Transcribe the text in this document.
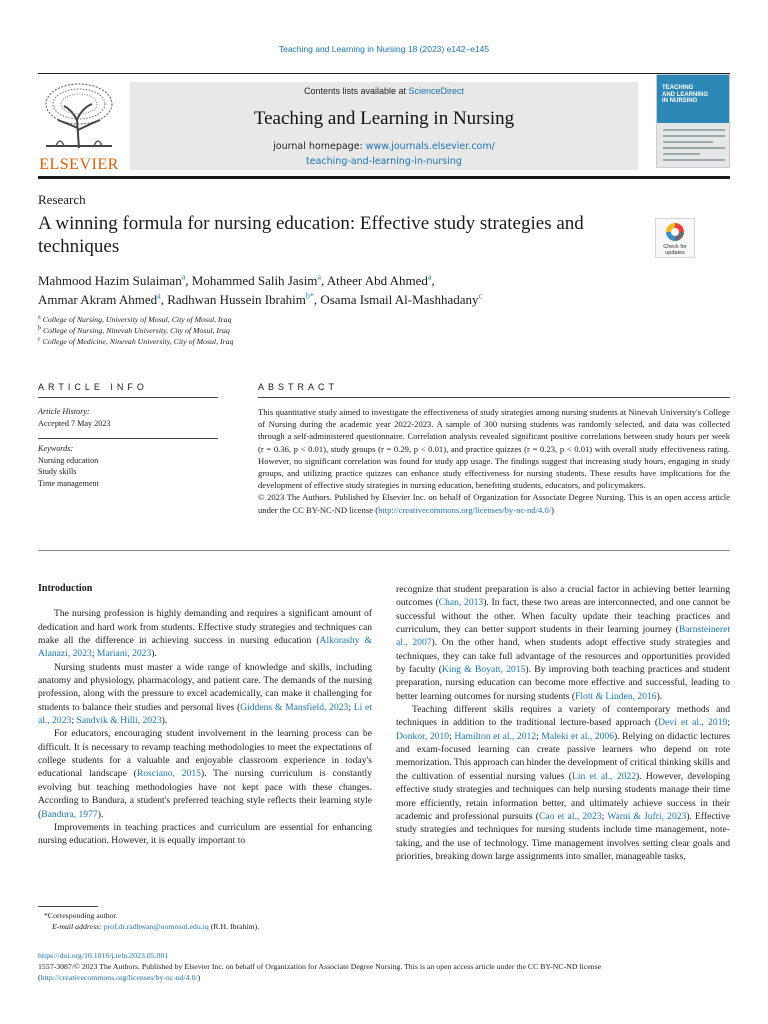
Teaching and Learning in Nursing 18 (2023) e142–e145
ELSEVIER
Contents lists available at ScienceDirect
Teaching and Learning in Nursing
journal homepage: www.journals.elsevier.com/
teaching-and-learning-in-nursing
TEACHING
AND LEARNING
IN NURSING
Research
A winning formula for nursing education: Effective study strategies and techniques	Check for updates
Mahmood Hazim Sulaiman$^a$, Mohammed Salih Jasim$^a$, Atheer Abd Ahmed$^a$,
Ammar Akram Ahmed$^a$, Radhwan Hussein Ibrahim$^{b*}$, Osama Ismail Al-Mashhadany$^c$
$^a$ College of Nursing, University of Mosul, City of Mosul, Iraq
$^b$ College of Nursing, Ninevah University, City of Mosul, Iraq
$^c$ College of Medicine, Ninevah University, City of Mosul, Iraq
ARTICLE INFO	ABSTRACT
Article History:
Accepted 7 May 2023
Keywords:
Nursing education
Study skills
Time management
This quantitative study aimed to investigate the effectiveness of study strategies among nursing students at Ninevah University's College of Nursing during the academic year 2022-2023. A sample of 300 nursing students was randomly selected, and data was collected through a self-administered questionnaire. Correlation analysis revealed significant positive correlations between study hours per week (r = 0.36, p < 0.01), study groups (r = 0.29, p < 0.01), and practice quizzes (r = 0.23, p < 0.01) with overall study effectiveness rating. However, no significant correlation was found for study app usage. The findings suggest that increasing study hours, engaging in study groups, and utilizing practice quizzes can enhance study effectiveness for nursing students. These results have implications for the development of effective study strategies in nursing education, benefiting students, educators, and policymakers.
© 2023 The Authors. Published by Elsevier Inc. on behalf of Organization for Associate Degree Nursing. This is an open access article under the CC BY-NC-ND license (http://creativecommons.org/licenses/by-nc-nd/4.0/)
Introduction

The nursing profession is highly demanding and requires a significant amount of dedication and hard work from students. Effective study strategies and techniques can make all the difference in achieving success in nursing education (Alkorashy & Alanazi, 2023; Mariani, 2023).

Nursing students must master a wide range of knowledge and skills, including anatomy and physiology, pharmacology, and patient care. The demands of the nursing profession, along with the pressure to excel academically, can make it challenging for students to balance their studies and personal lives (Giddens & Mansfield, 2023; Li et al., 2023; Sandvik & Hilli, 2023).

For educators, encouraging student involvement in the learning process can be difficult. It is necessary to revamp teaching methodologies to meet the expectations of college students for a valuable and enjoyable classroom experience in today's educational landscape (Rosciano, 2015). The nursing curriculum is constantly evolving but teaching methodologies have not kept pace with these changes. According to Bandura, a student's preferred teaching style reflects their learning style (Bandura, 1977).

Improvements in teaching practices and curriculum are essential for enhancing nursing education. However, it is equally important to

recognize that student preparation is also a crucial factor in achieving better learning outcomes (Chan, 2013). In fact, these two areas are interconnected, and one cannot be successful without the other. When faculty update their teaching practices and curriculum, they can better support students in their learning journey (Barnsteineret al., 2007). On the other hand, when students adopt effective study strategies and techniques, they can take full advantage of the resources and opportunities provided by faculty (King & Boyatt, 2015). By improving both teaching practices and student preparation, nursing education can become more effective and successful, leading to better learning outcomes for nursing students (Flott & Linden, 2016).

Teaching different skills requires a variety of contemporary methods and techniques in addition to the traditional lecture-based approach (Devi et al., 2019; Donkor, 2010; Hamilton et al., 2012; Maleki et al., 2006). Relying on didactic lectures and exam-focused learning can create passive learners who depend on rote memorization. This approach can hinder the development of critical thinking skills and the cultivation of essential nursing values (Lin et al., 2022). However, developing effective study strategies and techniques can help nursing students manage their time more efficiently, retain information better, and ultimately achieve success in their academic and professional pursuits (Cao et al., 2023; Warni & Jufri, 2023). Effective study strategies and techniques for nursing students include time management, note-taking, and the use of technology. Time management involves setting clear goals and priorities, breaking down large assignments into smaller, manageable tasks,

*Corresponding author.
E-mail address: prof.dr.radhwan@uomosul.edu.iq (R.H. Ibrahim).
https://doi.org/10.1016/j.teln.2023.05.001
1557-3087/© 2023 The Authors. Published by Elsevier Inc. on behalf of Organization for Associate Degree Nursing. This is an open access article under the CC BY-NC-ND license
(http://creativecommons.org/licenses/by-nc-nd/4.0/)
